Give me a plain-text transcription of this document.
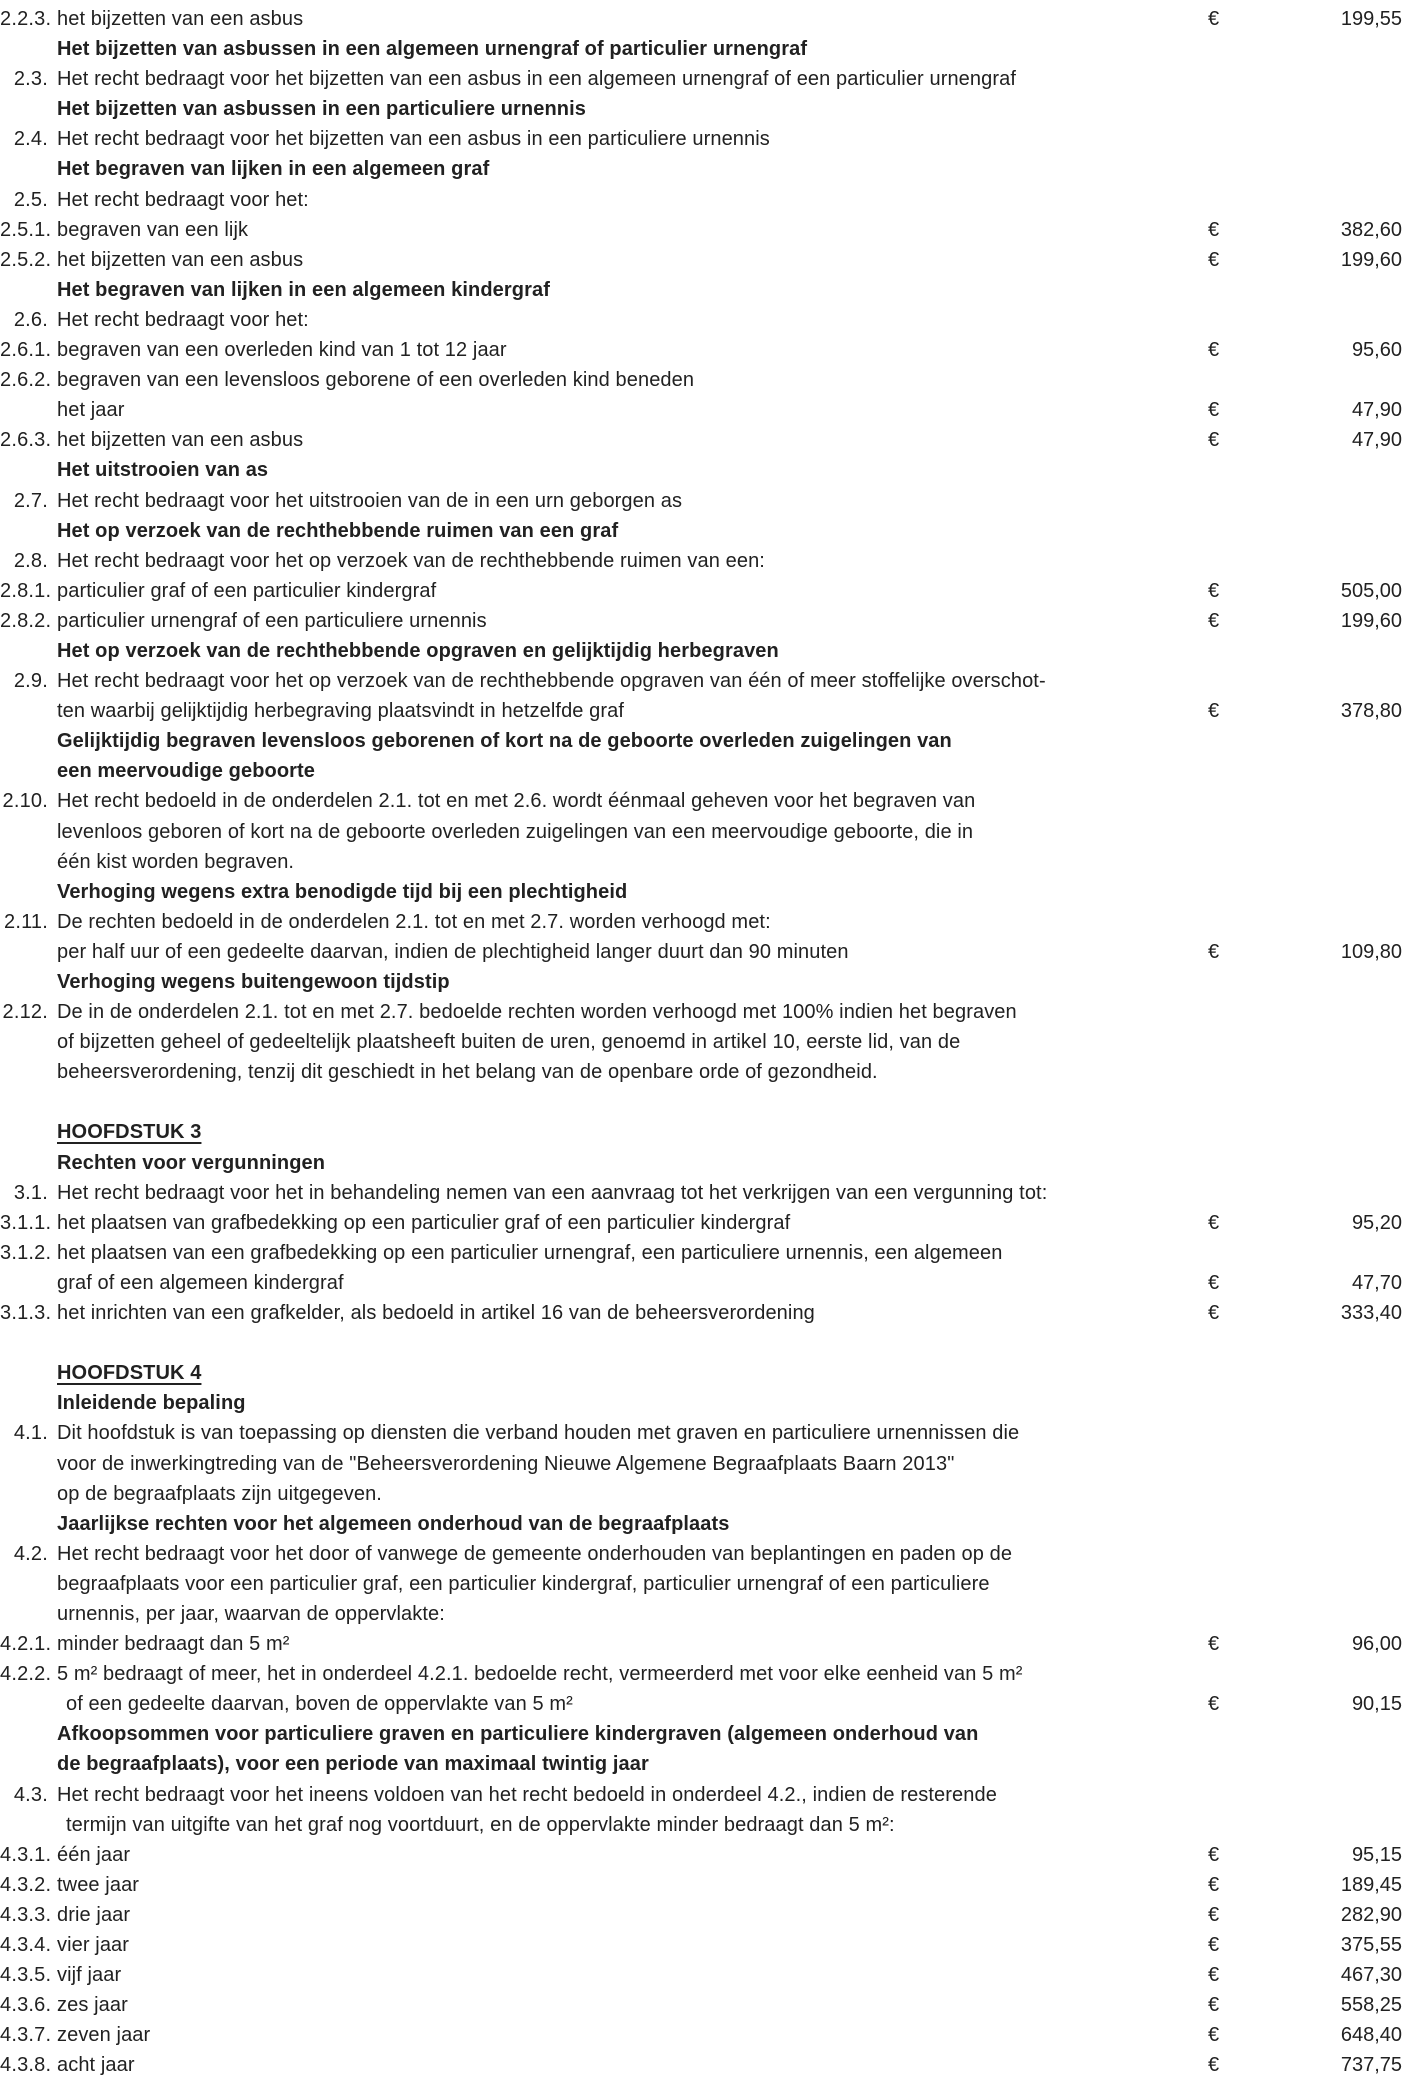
2.2.3. het bijzetten van een asbus	€	199,55
Het bijzetten van asbussen in een algemeen urnengraf of particulier urnengraf
2.3. Het recht bedraagt voor het bijzetten van een asbus in een algemeen urnengraf of een particulier urnengraf
Het bijzetten van asbussen in een particuliere urnennis
2.4. Het recht bedraagt voor het bijzetten van een asbus in een particuliere urnennis
Het begraven van lijken in een algemeen graf
2.5. Het recht bedraagt voor het:
2.5.1. begraven van een lijk	€	382,60
2.5.2. het bijzetten van een asbus	€	199,60
Het begraven van lijken in een algemeen kindergraf
2.6. Het recht bedraagt voor het:
2.6.1. begraven van een overleden kind van 1 tot 12 jaar	€	95,60
2.6.2. begraven van een levensloos geborene of een overleden kind beneden
het jaar	€	47,90
2.6.3. het bijzetten van een asbus	€	47,90
Het uitstrooien van as
2.7. Het recht bedraagt voor het uitstrooien van de in een urn geborgen as
Het op verzoek van de rechthebbende ruimen van een graf
2.8. Het recht bedraagt voor het op verzoek van de rechthebbende ruimen van een:
2.8.1. particulier graf of een particulier kindergraf	€	505,00
2.8.2. particulier urnengraf of een particuliere urnennis	€	199,60
Het op verzoek van de rechthebbende opgraven en gelijktijdig herbegraven
2.9. Het recht bedraagt voor het op verzoek van de rechthebbende opgraven van één of meer stoffelijke overschot-
ten waarbij gelijktijdig herbegraving plaatsvindt in hetzelfde graf	€	378,80
Gelijktijdig begraven levensloos geborenen of kort na de geboorte overleden zuigelingen van
een meervoudige geboorte
2.10. Het recht bedoeld in de onderdelen 2.1. tot en met 2.6. wordt éénmaal geheven voor het begraven van
levenloos geboren of kort na de geboorte overleden zuigelingen van een meervoudige geboorte, die in
één kist worden begraven.
Verhoging wegens extra benodigde tijd bij een plechtigheid
2.11. De rechten bedoeld in de onderdelen 2.1. tot en met 2.7. worden verhoogd met:
per half uur of een gedeelte daarvan, indien de plechtigheid langer duurt dan 90 minuten	€	109,80
Verhoging wegens buitengewoon tijdstip
2.12. De in de onderdelen 2.1. tot en met 2.7. bedoelde rechten worden verhoogd met 100% indien het begraven
of bijzetten geheel of gedeeltelijk plaatsheeft buiten de uren, genoemd in artikel 10, eerste lid, van de
beheersverordening, tenzij dit geschiedt in het belang van de openbare orde of gezondheid.
HOOFDSTUK 3
Rechten voor vergunningen
3.1. Het recht bedraagt voor het in behandeling nemen van een aanvraag tot het verkrijgen van een vergunning tot:
3.1.1. het plaatsen van grafbedekking op een particulier graf of een particulier kindergraf	€	95,20
3.1.2. het plaatsen van een grafbedekking op een particulier urnengraf, een particuliere urnennis, een algemeen
graf of een algemeen kindergraf	€	47,70
3.1.3. het inrichten van een grafkelder, als bedoeld in artikel 16 van de beheersverordening	€	333,40
HOOFDSTUK 4
Inleidende bepaling
4.1. Dit hoofdstuk is van toepassing op diensten die verband houden met graven en particuliere urnennissen die
voor de inwerkingtreding van de "Beheersverordening Nieuwe Algemene Begraafplaats Baarn 2013"
op de begraafplaats zijn uitgegeven.
Jaarlijkse rechten voor het algemeen onderhoud van de begraafplaats
4.2. Het recht bedraagt voor het door of vanwege de gemeente onderhouden van beplantingen en paden op de
begraafplaats voor een particulier graf, een particulier kindergraf, particulier urnengraf of een particuliere
urnennis, per jaar, waarvan de oppervlakte:
4.2.1. minder bedraagt dan 5 m²	€	96,00
4.2.2. 5 m² bedraagt of meer, het in onderdeel 4.2.1. bedoelde recht, vermeerderd met voor elke eenheid van 5 m²
of een gedeelte daarvan, boven de oppervlakte van 5 m²	€	90,15
Afkoopsommen voor particuliere graven en particuliere kindergraven (algemeen onderhoud van
de begraafplaats), voor een periode van maximaal twintig jaar
4.3. Het recht bedraagt voor het ineens voldoen van het recht bedoeld in onderdeel 4.2., indien de resterende
termijn van uitgifte van het graf nog voortduurt, en de oppervlakte minder bedraagt dan 5 m²:
4.3.1. één jaar	€	95,15
4.3.2. twee jaar	€	189,45
4.3.3. drie jaar	€	282,90
4.3.4. vier jaar	€	375,55
4.3.5. vijf jaar	€	467,30
4.3.6. zes jaar	€	558,25
4.3.7. zeven jaar	€	648,40
4.3.8. acht jaar	€	737,75
